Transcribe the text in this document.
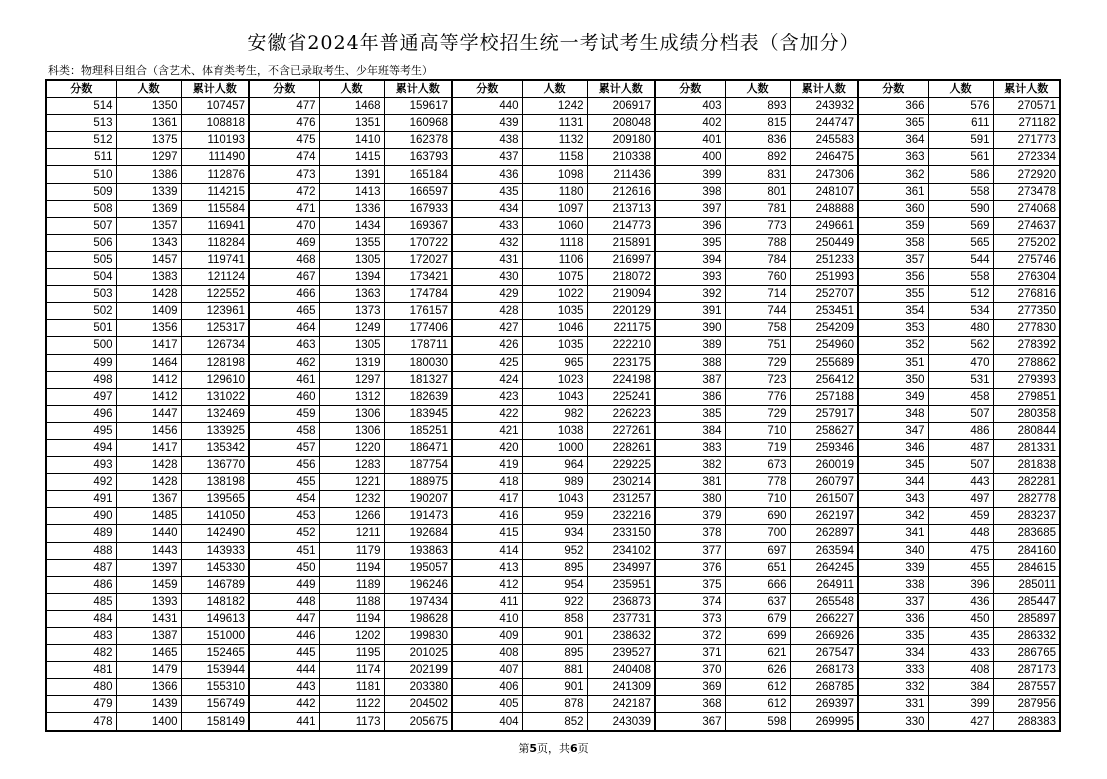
安徽省2024年普通高等学校招生统一考试考生成绩分档表（含加分）
科类：物理科目组合（含艺术、体育类考生，不含已录取考生、少年班等考生）
分数	人数	累计人数	分数	人数	累计人数	分数	人数	累计人数	分数	人数	累计人数	分数	人数	累计人数
514	1350	107457	477	1468	159617	440	1242	206917	403	893	243932	366	576	270571
513	1361	108818	476	1351	160968	439	1131	208048	402	815	244747	365	611	271182
512	1375	110193	475	1410	162378	438	1132	209180	401	836	245583	364	591	271773
511	1297	111490	474	1415	163793	437	1158	210338	400	892	246475	363	561	272334
510	1386	112876	473	1391	165184	436	1098	211436	399	831	247306	362	586	272920
509	1339	114215	472	1413	166597	435	1180	212616	398	801	248107	361	558	273478
508	1369	115584	471	1336	167933	434	1097	213713	397	781	248888	360	590	274068
507	1357	116941	470	1434	169367	433	1060	214773	396	773	249661	359	569	274637
506	1343	118284	469	1355	170722	432	1118	215891	395	788	250449	358	565	275202
505	1457	119741	468	1305	172027	431	1106	216997	394	784	251233	357	544	275746
504	1383	121124	467	1394	173421	430	1075	218072	393	760	251993	356	558	276304
503	1428	122552	466	1363	174784	429	1022	219094	392	714	252707	355	512	276816
502	1409	123961	465	1373	176157	428	1035	220129	391	744	253451	354	534	277350
501	1356	125317	464	1249	177406	427	1046	221175	390	758	254209	353	480	277830
500	1417	126734	463	1305	178711	426	1035	222210	389	751	254960	352	562	278392
499	1464	128198	462	1319	180030	425	965	223175	388	729	255689	351	470	278862
498	1412	129610	461	1297	181327	424	1023	224198	387	723	256412	350	531	279393
497	1412	131022	460	1312	182639	423	1043	225241	386	776	257188	349	458	279851
496	1447	132469	459	1306	183945	422	982	226223	385	729	257917	348	507	280358
495	1456	133925	458	1306	185251	421	1038	227261	384	710	258627	347	486	280844
494	1417	135342	457	1220	186471	420	1000	228261	383	719	259346	346	487	281331
493	1428	136770	456	1283	187754	419	964	229225	382	673	260019	345	507	281838
492	1428	138198	455	1221	188975	418	989	230214	381	778	260797	344	443	282281
491	1367	139565	454	1232	190207	417	1043	231257	380	710	261507	343	497	282778
490	1485	141050	453	1266	191473	416	959	232216	379	690	262197	342	459	283237
489	1440	142490	452	1211	192684	415	934	233150	378	700	262897	341	448	283685
488	1443	143933	451	1179	193863	414	952	234102	377	697	263594	340	475	284160
487	1397	145330	450	1194	195057	413	895	234997	376	651	264245	339	455	284615
486	1459	146789	449	1189	196246	412	954	235951	375	666	264911	338	396	285011
485	1393	148182	448	1188	197434	411	922	236873	374	637	265548	337	436	285447
484	1431	149613	447	1194	198628	410	858	237731	373	679	266227	336	450	285897
483	1387	151000	446	1202	199830	409	901	238632	372	699	266926	335	435	286332
482	1465	152465	445	1195	201025	408	895	239527	371	621	267547	334	433	286765
481	1479	153944	444	1174	202199	407	881	240408	370	626	268173	333	408	287173
480	1366	155310	443	1181	203380	406	901	241309	369	612	268785	332	384	287557
479	1439	156749	442	1122	204502	405	878	242187	368	612	269397	331	399	287956
478	1400	158149	441	1173	205675	404	852	243039	367	598	269995	330	427	288383
第5页，共6页
